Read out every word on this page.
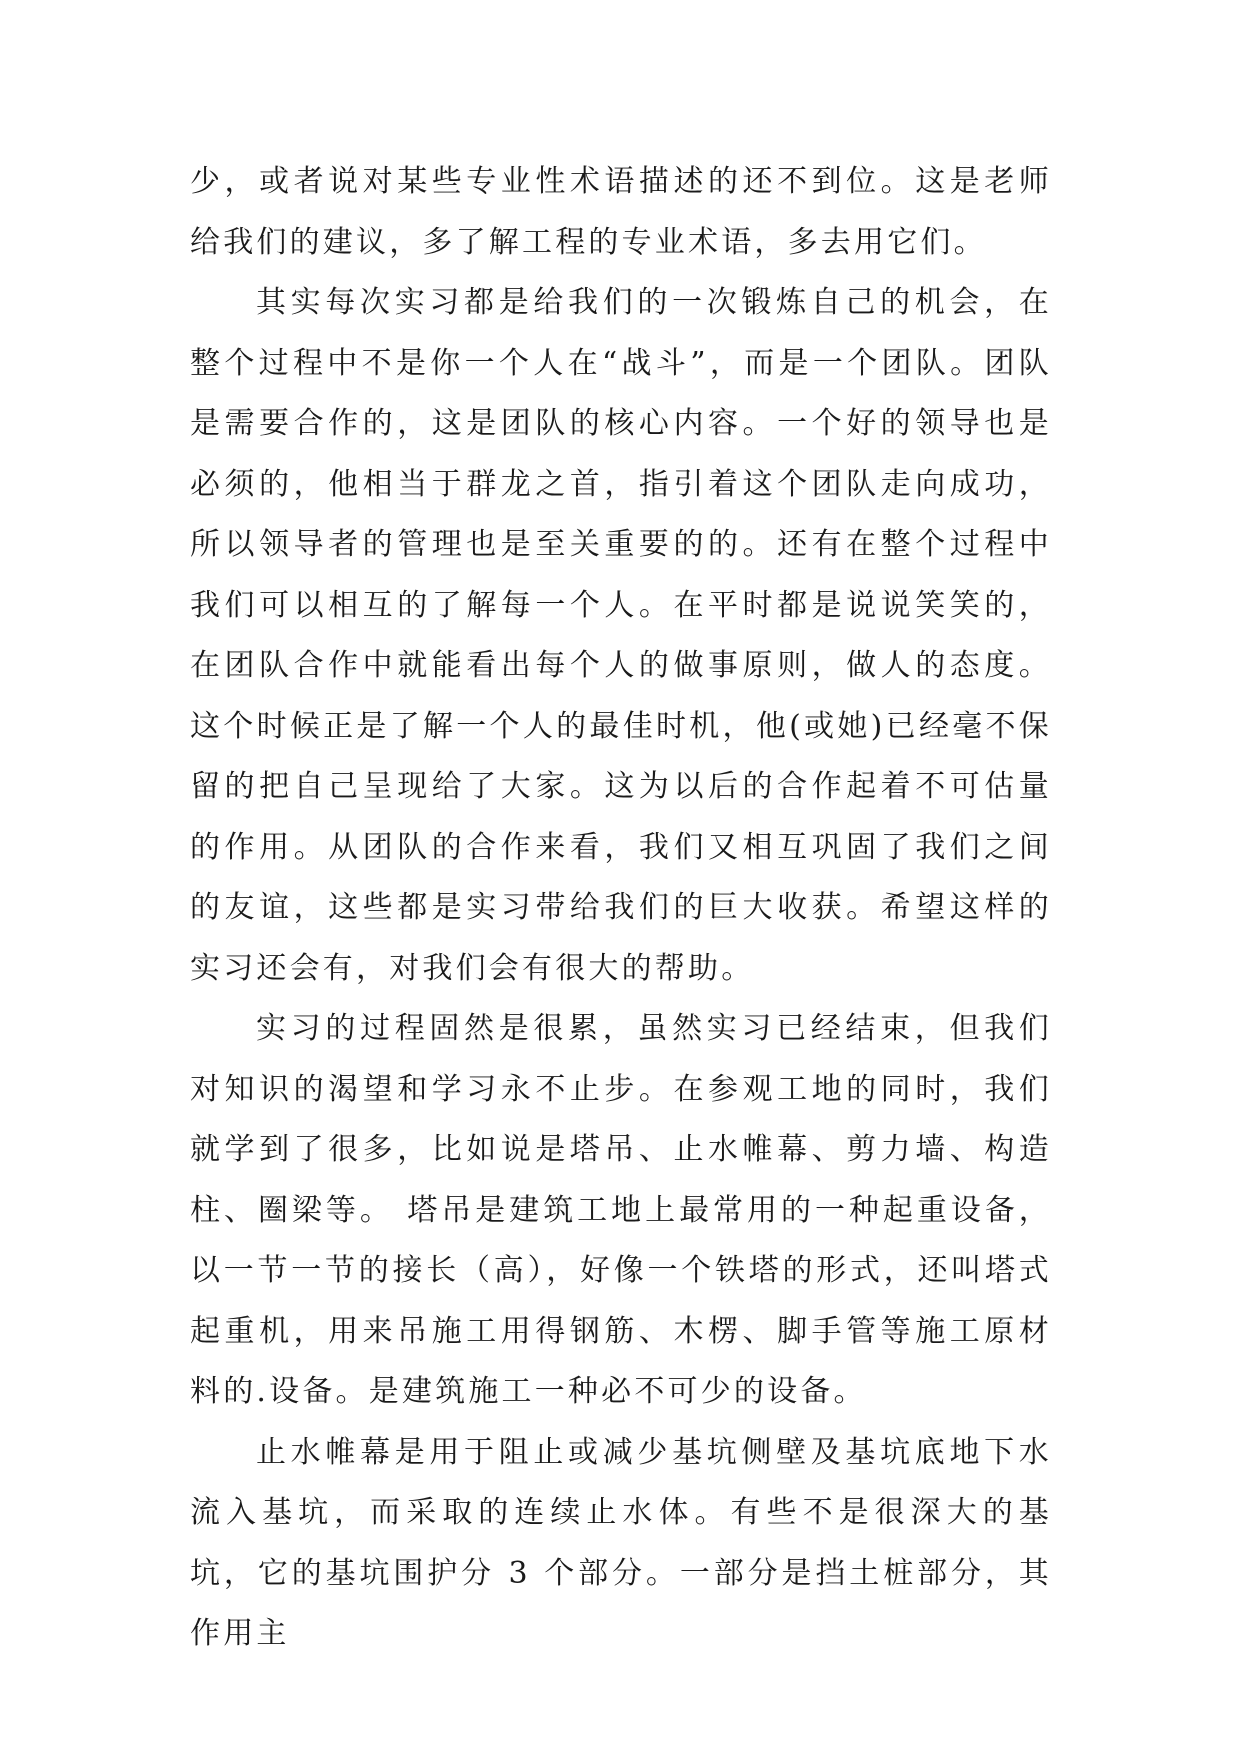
少，或者说对某些专业性术语描述的还不到位。这是老师给我们的建议，多了解工程的专业术语，多去用它们。

其实每次实习都是给我们的一次锻炼自己的机会，在整个过程中不是你一个人在“战斗”，而是一个团队。团队是需要合作的，这是团队的核心内容。一个好的领导也是必须的，他相当于群龙之首，指引着这个团队走向成功，所以领导者的管理也是至关重要的的。还有在整个过程中我们可以相互的了解每一个人。在平时都是说说笑笑的，在团队合作中就能看出每个人的做事原则，做人的态度。这个时候正是了解一个人的最佳时机，他(或她)已经毫不保留的把自己呈现给了大家。这为以后的合作起着不可估量的作用。从团队的合作来看，我们又相互巩固了我们之间的友谊，这些都是实习带给我们的巨大收获。希望这样的实习还会有，对我们会有很大的帮助。

实习的过程固然是很累，虽然实习已经结束，但我们对知识的渴望和学习永不止步。在参观工地的同时，我们就学到了很多，比如说是塔吊、止水帷幕、剪力墙、构造柱、圈梁等。 塔吊是建筑工地上最常用的一种起重设备，以一节一节的接长（高），好像一个铁塔的形式，还叫塔式起重机，用来吊施工用得钢筋、木楞、脚手管等施工原材料的.设备。是建筑施工一种必不可少的设备。

止水帷幕是用于阻止或减少基坑侧壁及基坑底地下水流入基坑，而采取的连续止水体。有些不是很深大的基坑，它的基坑围护分 3 个部分。一部分是挡土桩部分，其作用主
